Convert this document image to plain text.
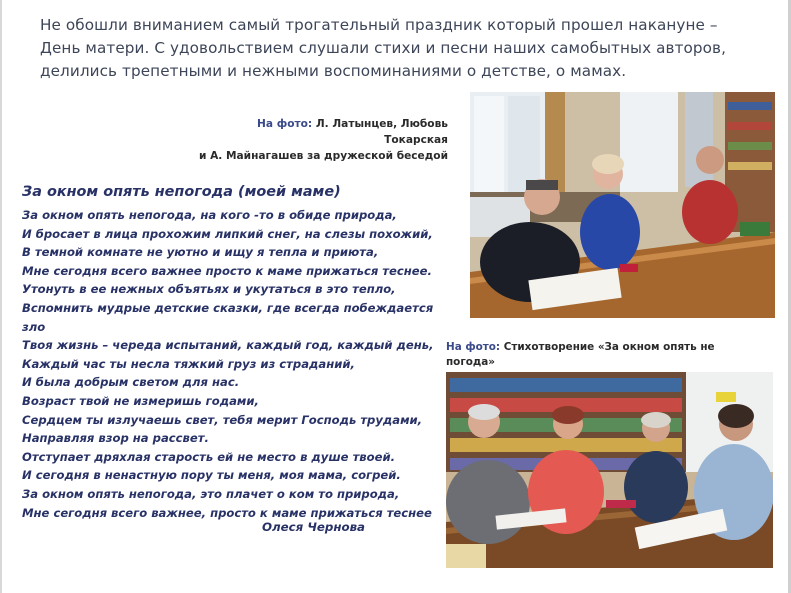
Не обошли вниманием самый трогательный праздник который прошел накануне –
День матери. С удовольствием слушали стихи и песни наших самобытных авторов,
делились трепетными и нежными воспоминаниями о детстве, о мамах.
На фото: Л. Латынцев, Любовь Токарская
и А. Майнагашев за дружеской беседой
За окном опять непогода (моей маме)
За окном опять непогода, на кого -то в обиде природа,
И бросает в лица прохожим липкий снег, на слезы похожий,
В темной комнате не уютно и ищу я тепла и приюта,
Мне сегодня всего важнее просто к маме прижаться теснее.
Утонуть в ее нежных объятьях и укутаться в это тепло,
Вспомнить мудрые детские сказки, где всегда побеждается
зло
Твоя жизнь – череда испытаний, каждый год, каждый день,
Каждый час ты несла тяжкий груз из страданий,
И была добрым светом для нас.
Возраст твой не измеришь годами,
Сердцем ты излучаешь свет, тебя мерит Господь трудами,
Направляя взор на рассвет.
Отступает дряхлая старость ей не место в душе твоей.
И сегодня в ненастную пору ты меня, моя мама, согрей.
За окном опять непогода, это плачет о ком то природа,
Мне сегодня всего важнее, просто к маме прижаться теснее
Олеся Чернова
На фото: Стихотворение «За окном опять не погода»
